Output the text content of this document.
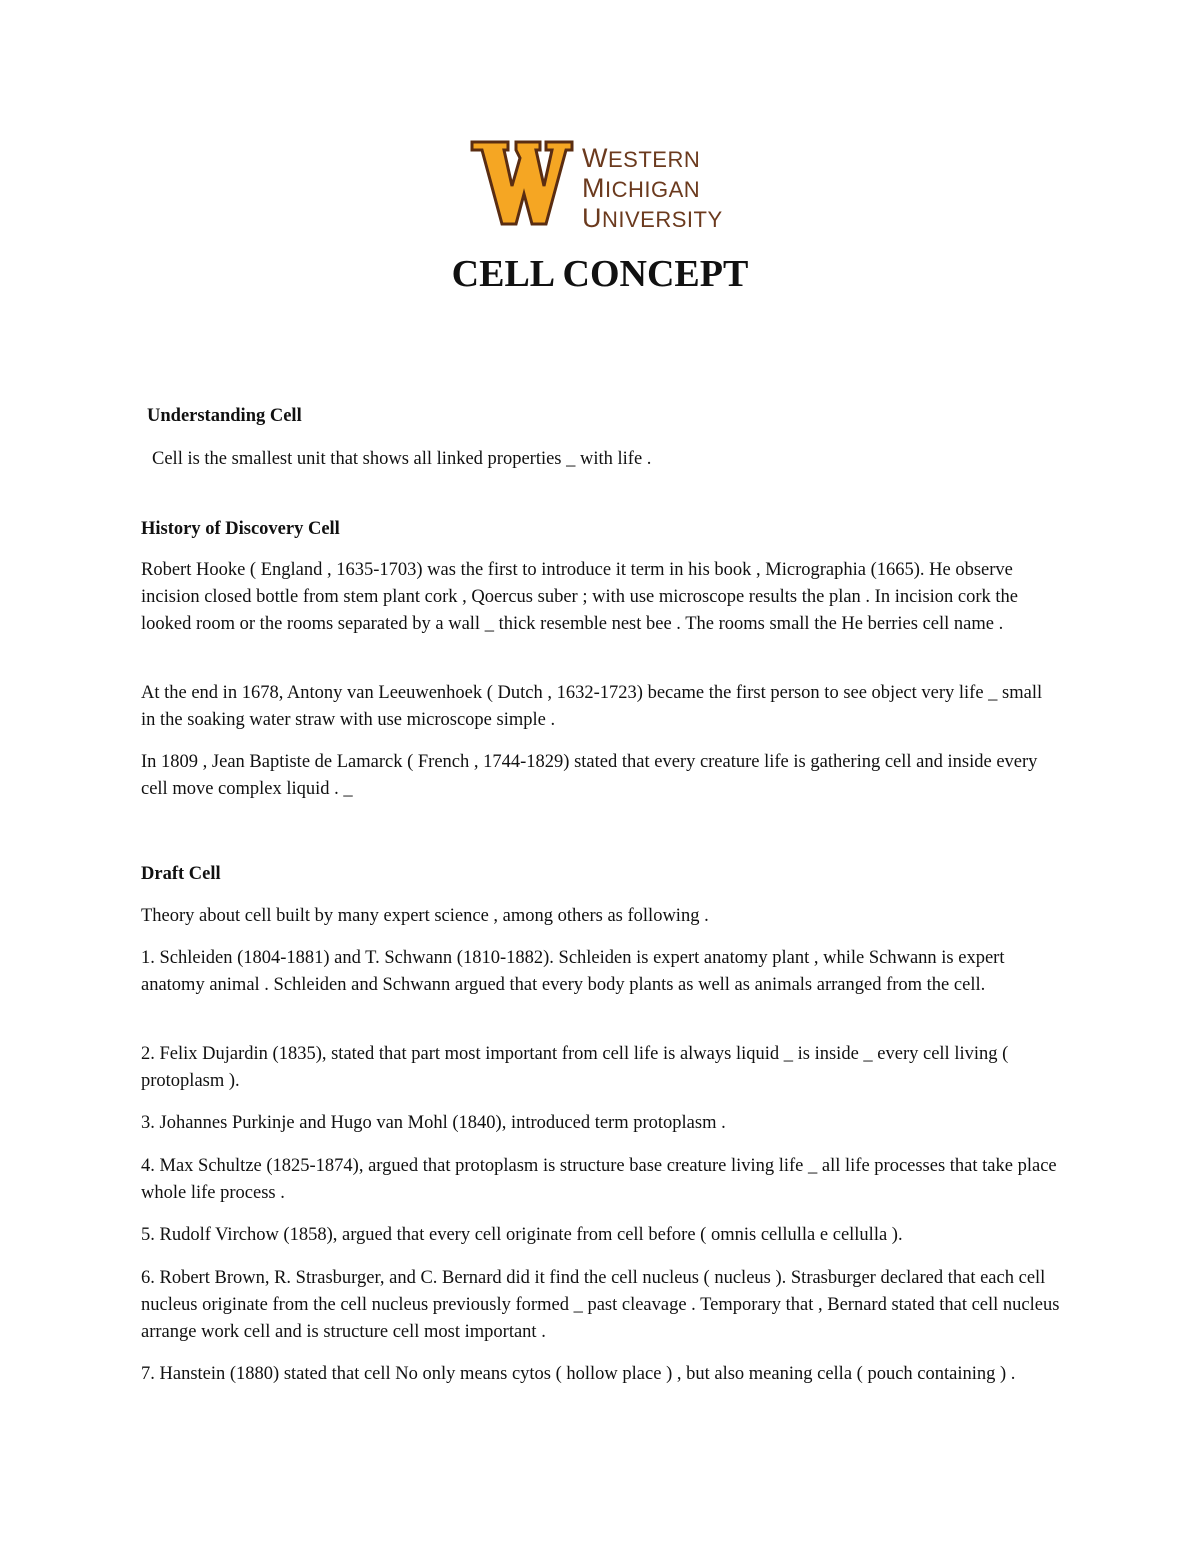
WESTERN
MICHIGAN
UNIVERSITY
CELL CONCEPT

Understanding Cell

Cell is the smallest unit that shows all linked properties _ with life .

History of Discovery Cell

Robert Hooke ( England , 1635-1703) was the first to introduce it term in his book , Micrographia (1665). He observe incision closed bottle from stem plant cork , Qoercus suber ; with use microscope results the plan . In incision cork the looked room or the rooms separated by a wall _ thick resemble nest bee . The rooms small the He berries cell name .

At the end in 1678, Antony van Leeuwenhoek ( Dutch , 1632-1723) became the first person to see object very life _ small in the soaking water straw with use microscope simple .

In 1809 , Jean Baptiste de Lamarck ( French , 1744-1829) stated that every creature life is gathering cell and inside every cell move complex liquid . _

Draft Cell

Theory about cell built by many expert science , among others as following .

1. Schleiden (1804-1881) and T. Schwann (1810-1882). Schleiden is expert anatomy plant , while Schwann is expert anatomy animal . Schleiden and Schwann argued that every body plants as well as animals arranged from the cell.

2. Felix Dujardin (1835), stated that part most important from cell life is always liquid _ is inside _ every cell living ( protoplasm ).

3. Johannes Purkinje and Hugo van Mohl (1840), introduced term protoplasm .

4. Max Schultze (1825-1874), argued that protoplasm is structure base creature living life _ all life processes that take place whole life process .

5. Rudolf Virchow (1858), argued that every cell originate from cell before ( omnis cellulla e cellulla ).

6. Robert Brown, R. Strasburger, and C. Bernard did it find the cell nucleus ( nucleus ). Strasburger declared that each cell nucleus originate from the cell nucleus previously formed _ past cleavage . Temporary that , Bernard stated that cell nucleus arrange work cell and is structure cell most important .

7. Hanstein (1880) stated that cell No only means cytos ( hollow place ) , but also meaning cella ( pouch containing ) .
